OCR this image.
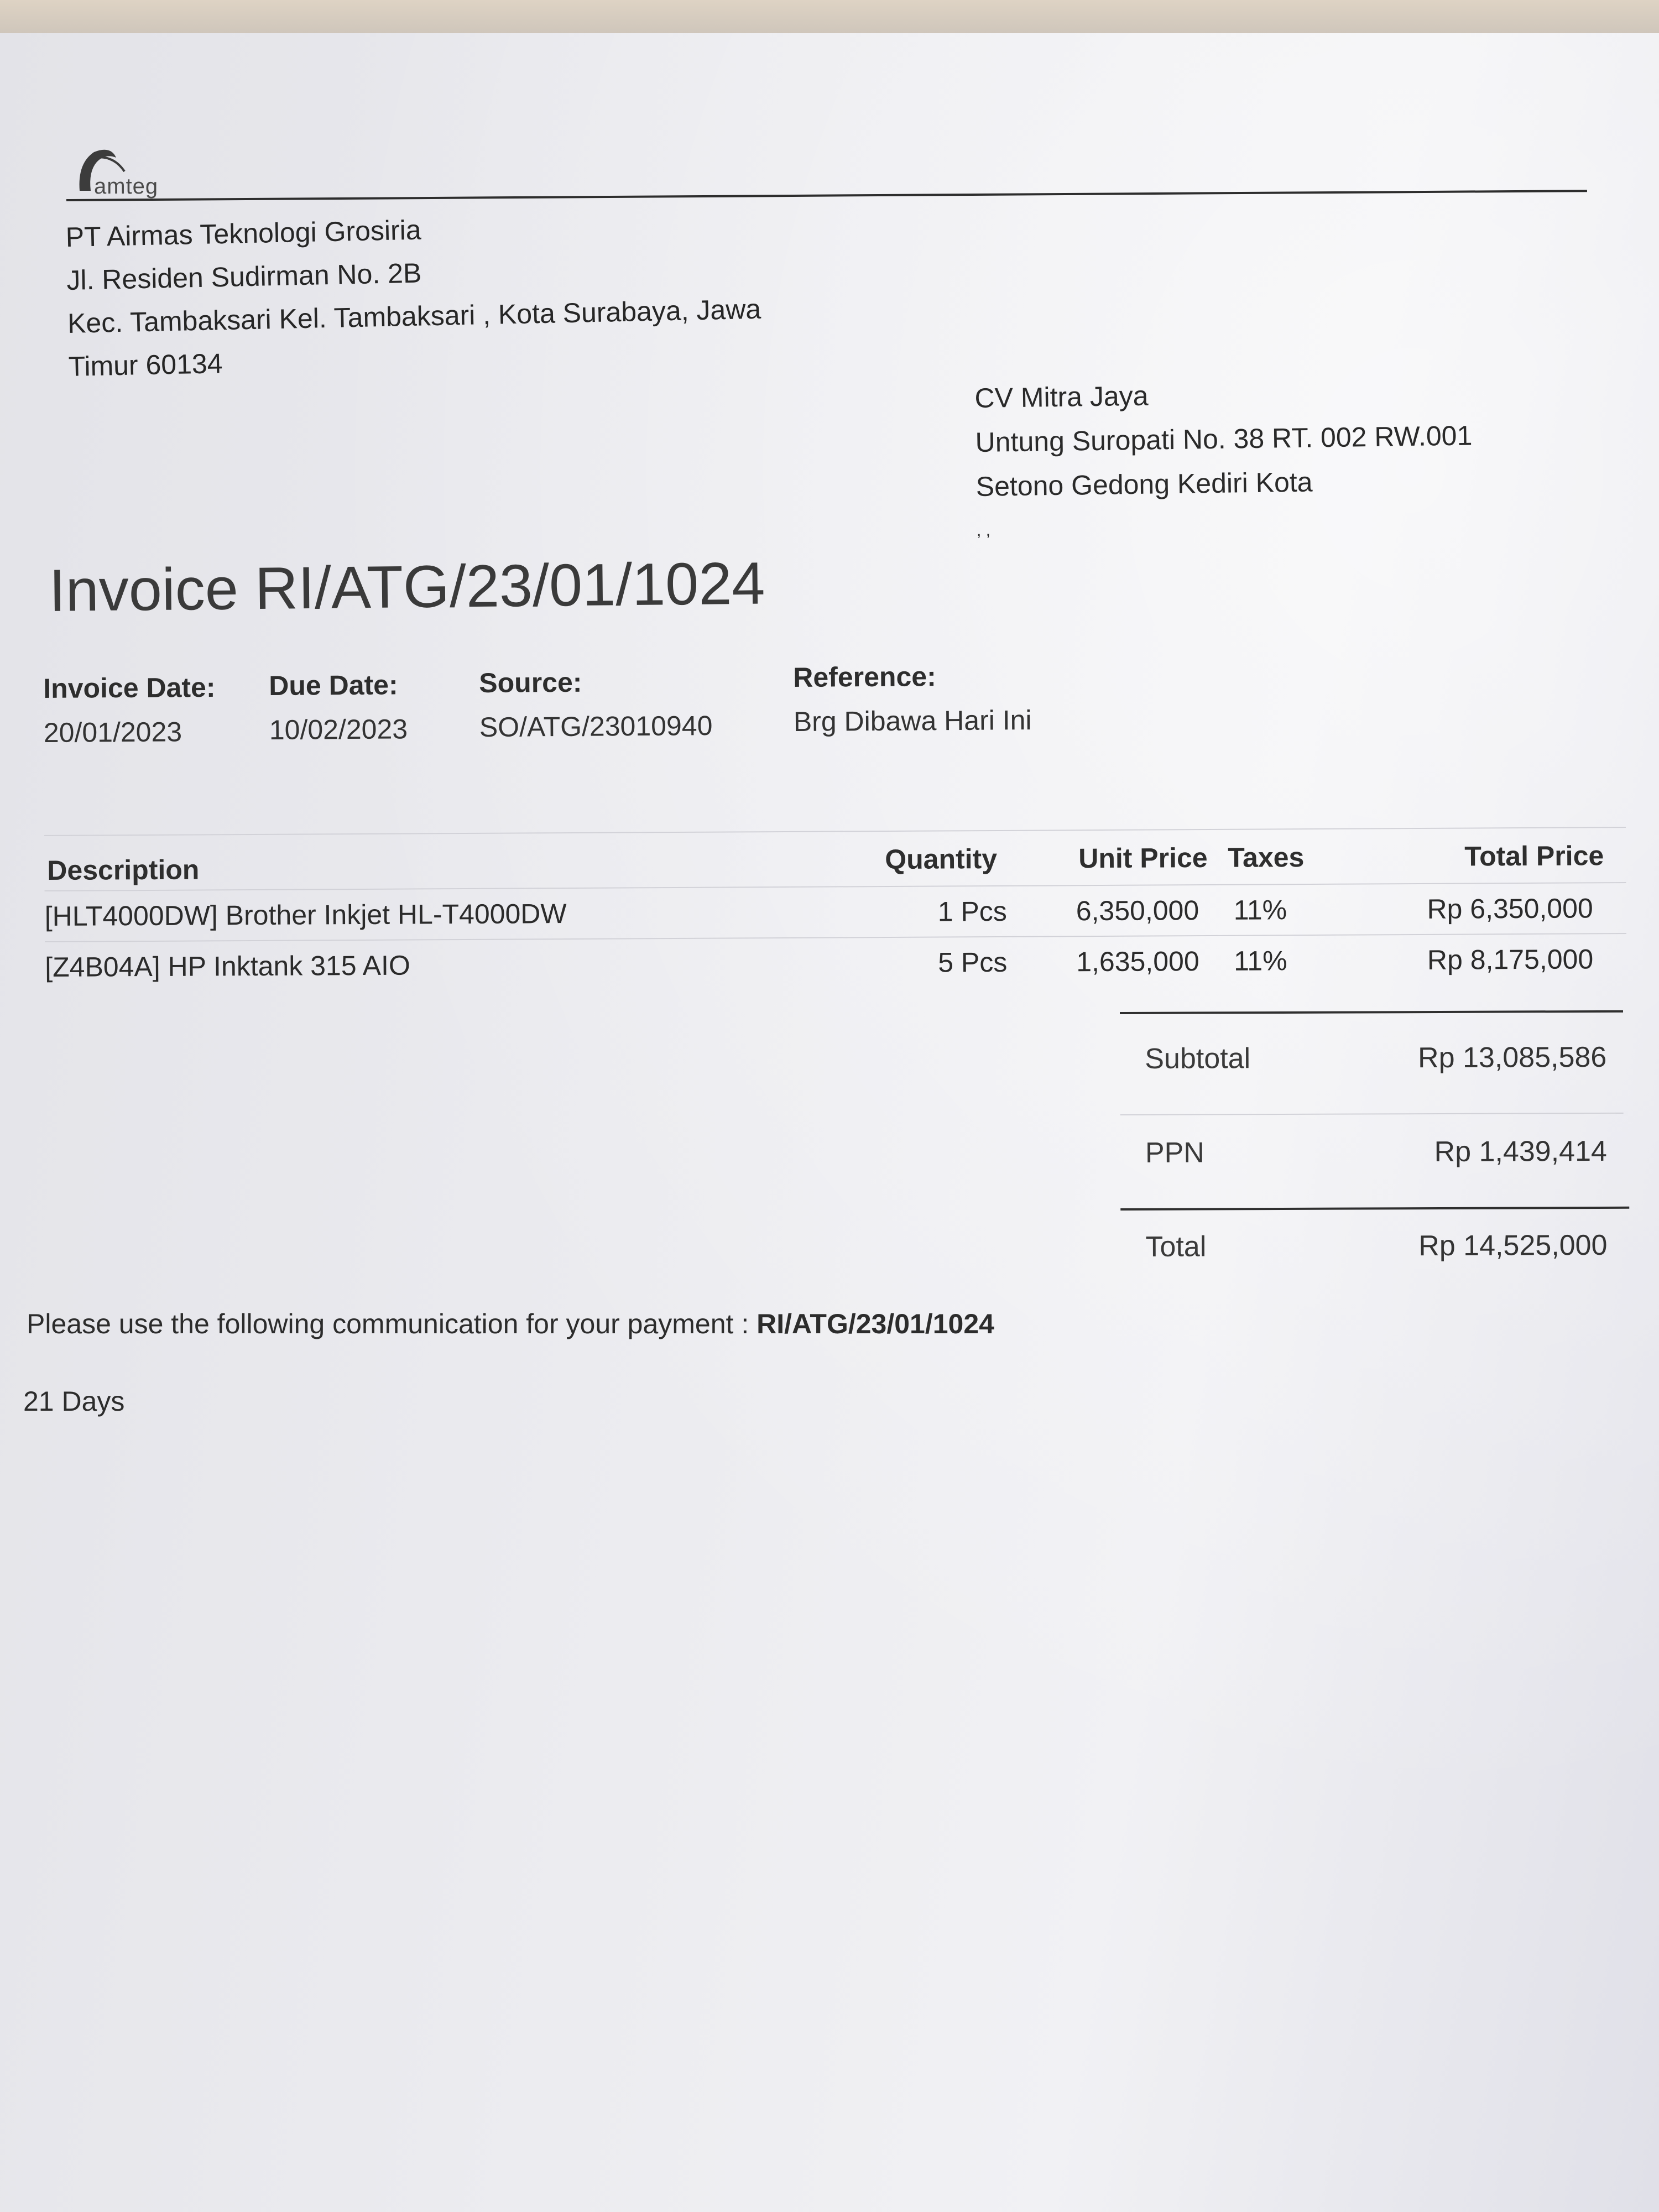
amteg
PT Airmas Teknologi Grosiria
Jl. Residen Sudirman No. 2B
Kec. Tambaksari Kel. Tambaksari , Kota Surabaya, Jawa
Timur 60134
CV Mitra Jaya
Untung Suropati No. 38 RT. 002 RW.001
Setono Gedong Kediri Kota
, ,
Invoice RI/ATG/23/01/1024
Invoice Date:
20/01/2023
Due Date:
10/02/2023
Source:
SO/ATG/23010940
Reference:
Brg Dibawa Hari Ini
Description	Quantity	Unit Price Taxes	Total Price
[HLT4000DW] Brother Inkjet HL-T4000DW	1 Pcs 6,350,000 11%	Rp 6,350,000
[Z4B04A] HP Inktank 315 AIO	5 Pcs 1,635,000 11%	Rp 8,175,000
Subtotal	Rp 13,085,586
PPN	Rp 1,439,414
Total	Rp 14,525,000
Please use the following communication for your payment : RI/ATG/23/01/1024
21 Days
